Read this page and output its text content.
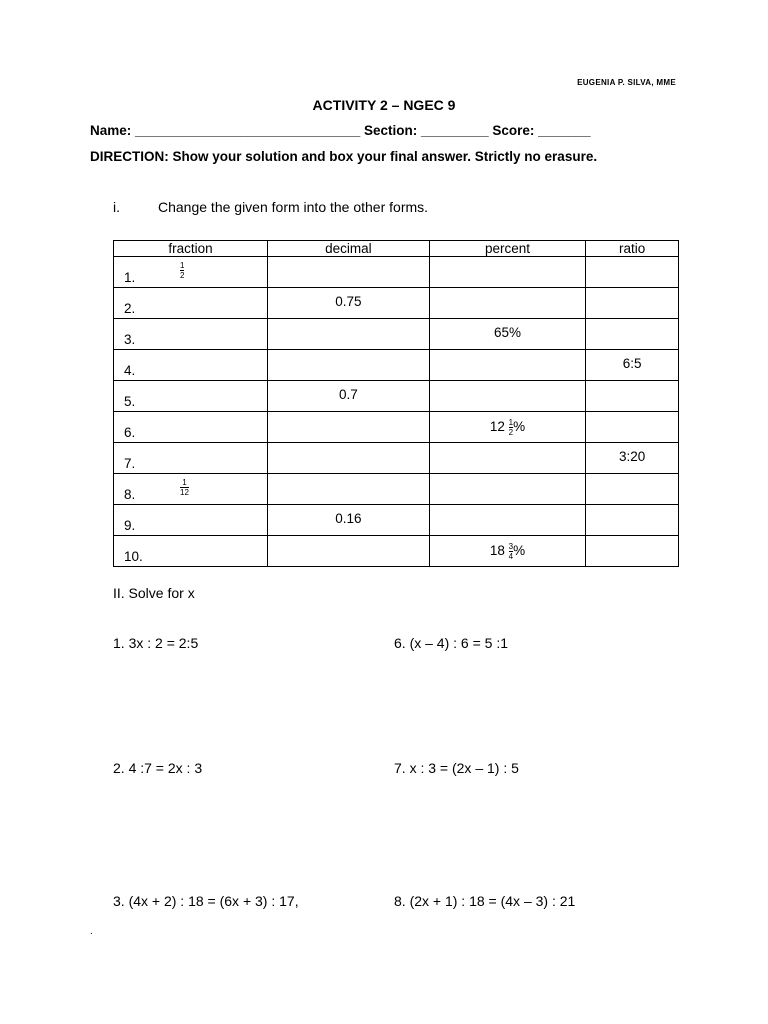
EUGENIA P. SILVA, MME
ACTIVITY 2 – NGEC 9
Name: ______________________________ Section: _________ Score: _______
DIRECTION: Show your solution and box your final answer. Strictly no erasure.
i.	Change the given form into the other forms.
fraction	decimal	percent	ratio

1. $\frac{1}{2}$

2.	0.75		

3.		65%	

4.			6:5

5.	0.7		

6.		$12 \frac{1}{2}$ %	

7.			3:20

8. $\frac{1}{12}$

9.	0.16		

10.		$18 \frac{3}{4}$ %	

II. Solve for x
1. 3x : 2 = 2:5	6. (x – 4) : 6 = 5 :1
2. 4 :7 = 2x : 3	7. x : 3 = (2x – 1) : 5
3. (4x + 2) : 18 = (6x + 3) : 17,	8. (2x + 1) : 18 = (4x – 3) : 21
.
